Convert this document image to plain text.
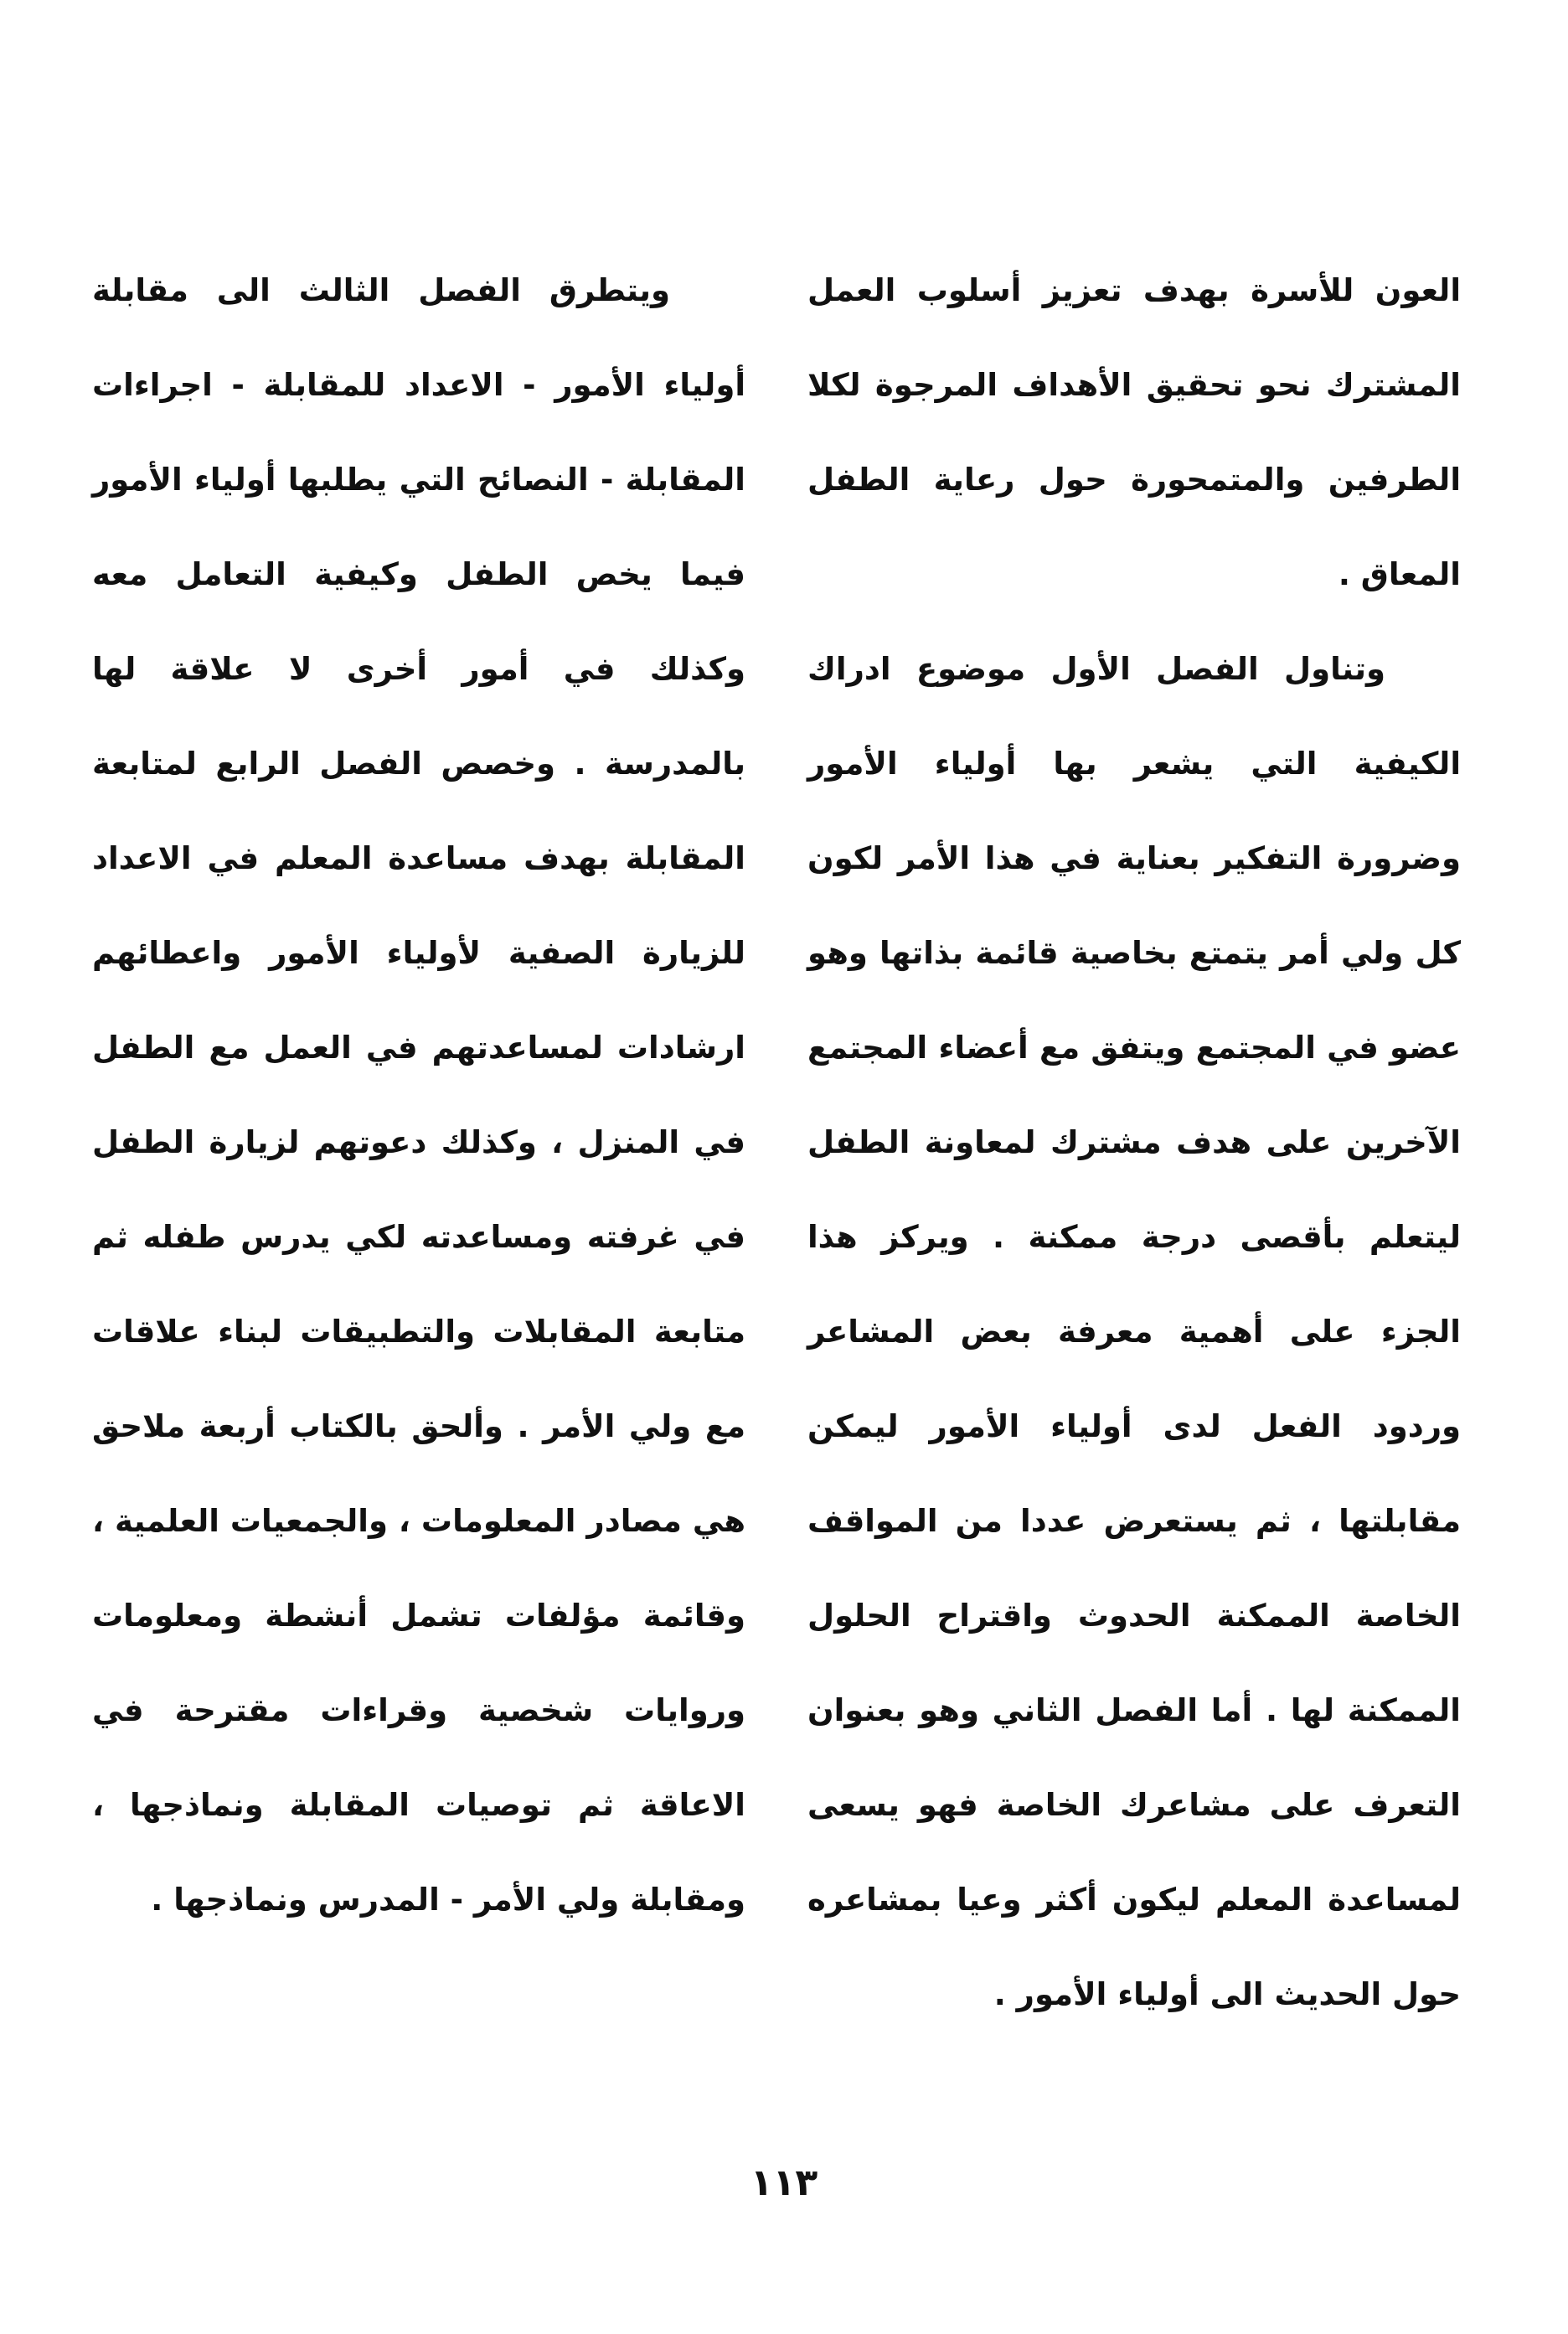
العون للأسرة بهدف تعزيز أسلوب العمل المشترك نحو تحقيق الأهداف المرجوة لكلا الطرفين والمتمحورة حول رعاية الطفل المعاق .

وتناول الفصل الأول موضوع ادراك الكيفية التي يشعر بها أولياء الأمور وضرورة التفكير بعناية في هذا الأمر لكون كل ولي أمر يتمتع بخاصية قائمة بذاتها وهو عضو في المجتمع ويتفق مع أعضاء المجتمع الآخرين على هدف مشترك لمعاونة الطفل ليتعلم بأقصى درجة ممكنة . ويركز هذا الجزء على أهمية معرفة بعض المشاعر وردود الفعل لدى أولياء الأمور ليمكن مقابلتها ، ثم يستعرض عددا من المواقف الخاصة الممكنة الحدوث واقتراح الحلول الممكنة لها . أما الفصل الثاني وهو بعنوان التعرف على مشاعرك الخاصة فهو يسعى لمساعدة المعلم ليكون أكثر وعيا بمشاعره حول الحديث الى أولياء الأمور .

ويتطرق الفصل الثالث الى مقابلة أولياء الأمور - الاعداد للمقابلة - اجراءات المقابلة - النصائح التي يطلبها أولياء الأمور فيما يخص الطفل وكيفية التعامل معه وكذلك في أمور أخرى لا علاقة لها بالمدرسة . وخصص الفصل الرابع لمتابعة المقابلة بهدف مساعدة المعلم في الاعداد للزيارة الصفية لأولياء الأمور واعطائهم ارشادات لمساعدتهم في العمل مع الطفل في المنزل ، وكذلك دعوتهم لزيارة الطفل في غرفته ومساعدته لكي يدرس طفله ثم متابعة المقابلات والتطبيقات لبناء علاقات مع ولي الأمر . وألحق بالكتاب أربعة ملاحق هي مصادر المعلومات ، والجمعيات العلمية ، وقائمة مؤلفات تشمل أنشطة ومعلومات وروايات شخصية وقراءات مقترحة في الاعاقة ثم توصيات المقابلة ونماذجها ، ومقابلة ولي الأمر - المدرس ونماذجها .

١١٣
